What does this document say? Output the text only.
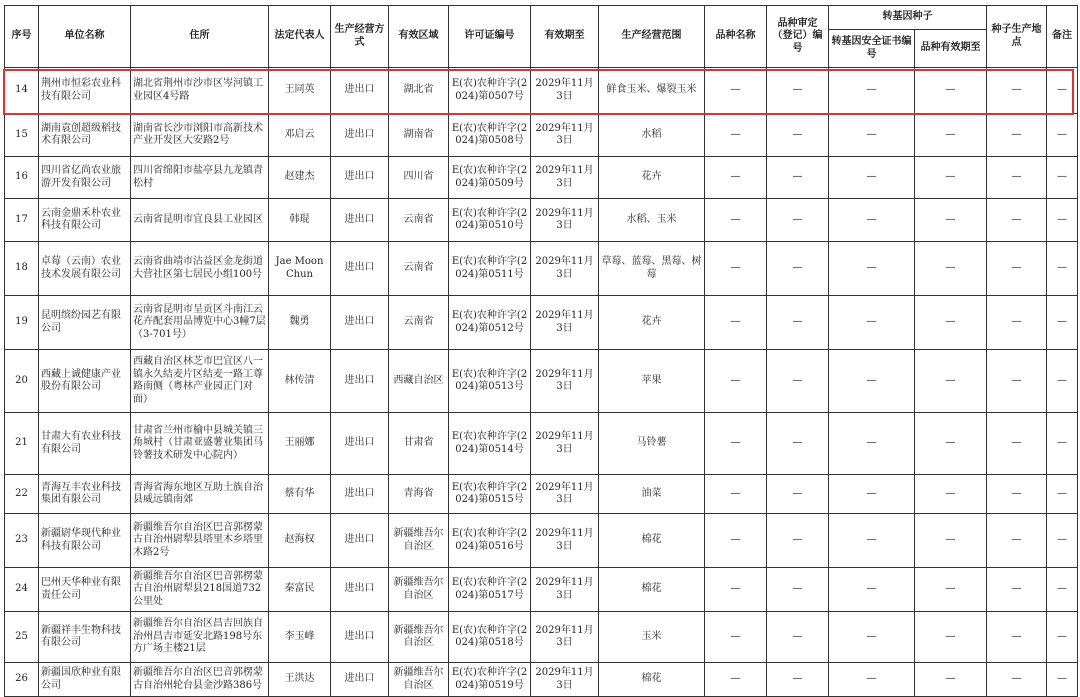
序号	单位名称	住所	法定代表人	生产经营方式	有效区域	许可证编号	有效期至	生产经营范围	品种名称	品种审定（登记）编号	转基因种子		种子生产地点	备注
											转基因安全证书编号	品种有效期至		
14	荆州市恒彩农业科技有限公司	湖北省荆州市沙市区岑河镇工业园区4号路	王同英	进出口	湖北省	E(农)农种许字(2024)第0507号	2029年11月3日	鲜食玉米、爆裂玉米	—	—	—	—	—	—
15	湖南袁创超级稻技术有限公司	湖南省长沙市浏阳市高新技术产业开发区大安路2号	邓启云	进出口	湖南省	E(农)农种许字(2024)第0508号	2029年11月3日	水稻	—	—	—	—	—	—
16	四川省亿尚农业旅游开发有限公司	四川省绵阳市盐亭县九龙镇青松村	赵建杰	进出口	四川省	E(农)农种许字(2024)第0509号	2029年11月3日	花卉	—	—	—	—	—	—
17	云南金鼎禾朴农业科技有限公司	云南省昆明市宜良县工业园区	韩琨	进出口	云南省	E(农)农种许字(2024)第0510号	2029年11月3日	水稻、玉米	—	—	—	—	—	—
18	卓莓（云南）农业技术发展有限公司	云南省曲靖市沾益区金龙街道大营社区第七居民小组100号	Jae Moon Chun	进出口	云南省	E(农)农种许字(2024)第0511号	2029年11月3日	草莓、蓝莓、黑莓、树莓	—	—	—	—	—	—
19	昆明缤纷园艺有限公司	云南省昆明市呈贡区斗南江云花卉配套用品博览中心3幢7层（3-701号）	魏勇	进出口	云南省	E(农)农种许字(2024)第0512号	2029年11月3日	花卉	—	—	—	—	—	—
20	西藏上诚健康产业股份有限公司	西藏自治区林芝市巴宜区八一镇永久结麦片区结麦一路工尊路南侧（粤林产业园正门对面）	林传清	进出口	西藏自治区	E(农)农种许字(2024)第0513号	2029年11月3日	苹果	—	—	—	—	—	—
21	甘肃大有农业科技有限公司	甘肃省兰州市榆中县城关镇三角城村（甘肃亚盛薯业集团马铃薯技术研发中心院内）	王丽娜	进出口	甘肃省	E(农)农种许字(2024)第0514号	2029年11月3日	马铃薯	—	—	—	—	—	—
22	青海互丰农业科技集团有限公司	青海省海东地区互助土族自治县威远镇南郊	蔡有华	进出口	青海省	E(农)农种许字(2024)第0515号	2029年11月3日	油菜	—	—	—	—	—	—
23	新疆尉华现代种业科技有限公司	新疆维吾尔自治区巴音郭楞蒙古自治州尉犁县塔里木乡塔里木路2号	赵海权	进出口	新疆维吾尔自治区	E(农)农种许字(2024)第0516号	2029年11月3日	棉花	—	—	—	—	—	—
24	巴州天华种业有限责任公司	新疆维吾尔自治区巴音郭楞蒙古自治州尉犁县218国道732公里处	秦富民	进出口	新疆维吾尔自治区	E(农)农种许字(2024)第0517号	2029年11月3日	棉花	—	—	—	—	—	—
25	新疆祥丰生物科技有限公司	新疆维吾尔自治区昌吉回族自治州昌吉市延安北路198号东方广场主楼21层	李玉峰	进出口	新疆维吾尔自治区	E(农)农种许字(2024)第0518号	2029年11月3日	玉米	—	—	—	—	—	—
26	新疆国欣种业有限公司	新疆维吾尔自治区巴音郭楞蒙古自治州轮台县金沙路386号	王洪达	进出口	新疆维吾尔自治区	E(农)农种许字(2024)第0519号	2029年11月3日	棉花	—	—	—	—	—	—
